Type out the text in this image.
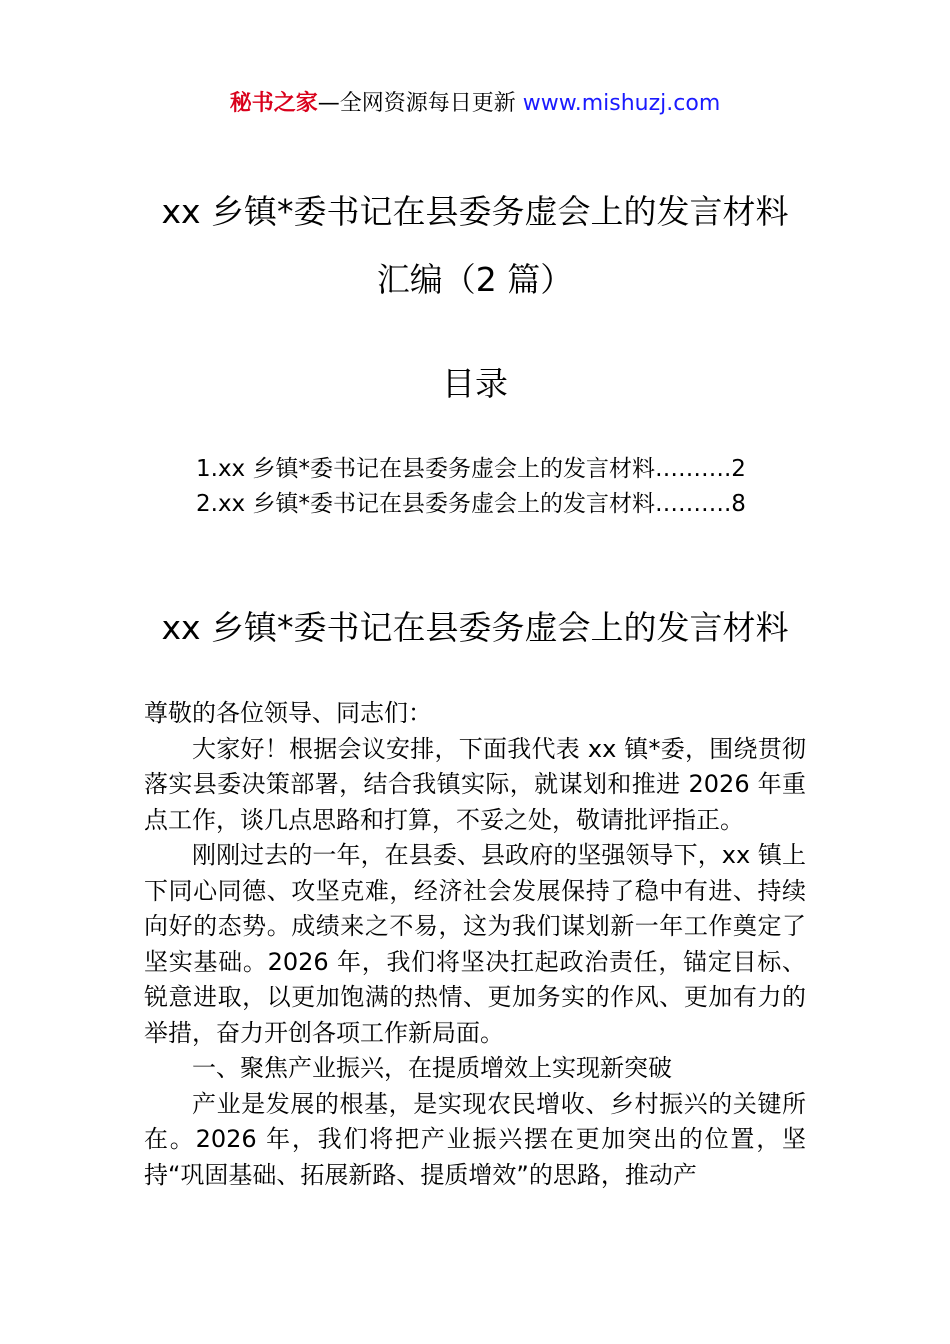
秘书之家—全网资源每日更新 www.mishuzj.com
xx 乡镇*委书记在县委务虚会上的发言材料
汇编（2 篇）
目录
1.xx 乡镇*委书记在县委务虚会上的发言材料……….2
2.xx 乡镇*委书记在县委务虚会上的发言材料……….8
xx 乡镇*委书记在县委务虚会上的发言材料

尊敬的各位领导、同志们：

大家好！根据会议安排，下面我代表 xx 镇*委，围绕贯彻落实县委决策部署，结合我镇实际，就谋划和推进 2026 年重点工作，谈几点思路和打算，不妥之处，敬请批评指正。

刚刚过去的一年，在县委、县政府的坚强领导下，xx 镇上下同心同德、攻坚克难，经济社会发展保持了稳中有进、持续向好的态势。成绩来之不易，这为我们谋划新一年工作奠定了坚实基础。2026 年，我们将坚决扛起政治责任，锚定目标、锐意进取，以更加饱满的热情、更加务实的作风、更加有力的举措，奋力开创各项工作新局面。

一、聚焦产业振兴，在提质增效上实现新突破

产业是发展的根基，是实现农民增收、乡村振兴的关键所在。2026 年，我们将把产业振兴摆在更加突出的位置，坚持“巩固基础、拓展新路、提质增效”的思路，推动产
